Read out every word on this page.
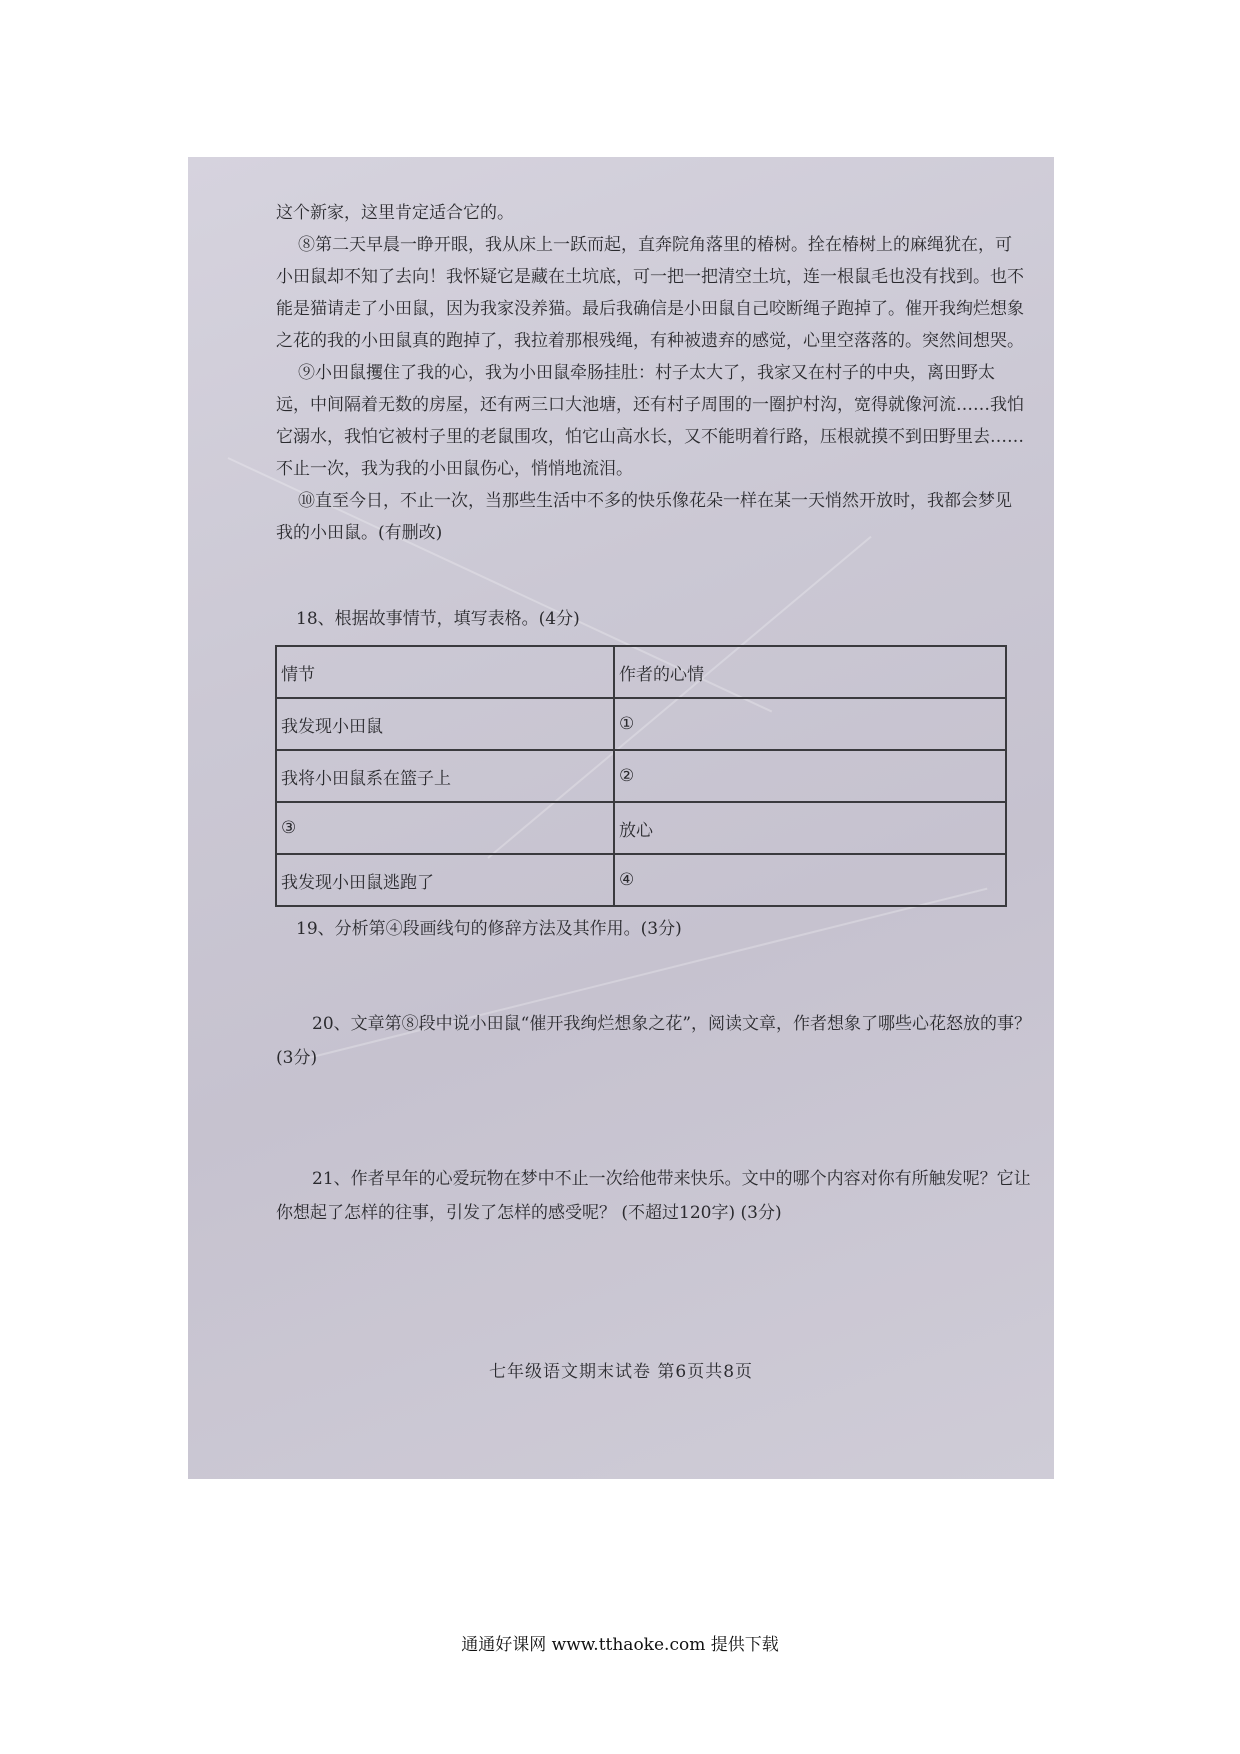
这个新家，这里肯定适合它的。

⑧第二天早晨一睁开眼，我从床上一跃而起，直奔院角落里的椿树。拴在椿树上的麻绳犹在，可小田鼠却不知了去向！我怀疑它是藏在土坑底，可一把一把清空土坑，连一根鼠毛也没有找到。也不能是猫请走了小田鼠，因为我家没养猫。最后我确信是小田鼠自己咬断绳子跑掉了。催开我绚烂想象之花的我的小田鼠真的跑掉了，我拉着那根残绳，有种被遗弃的感觉，心里空落落的。突然间想哭。

⑨小田鼠攫住了我的心，我为小田鼠牵肠挂肚：村子太大了，我家又在村子的中央，离田野太远，中间隔着无数的房屋，还有两三口大池塘，还有村子周围的一圈护村沟，宽得就像河流……我怕它溺水，我怕它被村子里的老鼠围攻，怕它山高水长，又不能明着行路，压根就摸不到田野里去……不止一次，我为我的小田鼠伤心，悄悄地流泪。

⑩直至今日，不止一次，当那些生活中不多的快乐像花朵一样在某一天悄然开放时，我都会梦见我的小田鼠。(有删改)

18、根据故事情节，填写表格。(4分)
情节	作者的心情
我发现小田鼠	①
我将小田鼠系在篮子上	②
③	放心
我发现小田鼠逃跑了	④
19、分析第④段画线句的修辞方法及其作用。(3分)
20、文章第⑧段中说小田鼠“催开我绚烂想象之花”，阅读文章，作者想象了哪些心花怒放的事？ (3分)
21、作者早年的心爱玩物在梦中不止一次给他带来快乐。文中的哪个内容对你有所触发呢？它让你想起了怎样的往事，引发了怎样的感受呢？ (不超过120字) (3分)
七年级语文期末试卷 第6页共8页
通通好课网 www.tthaoke.com 提供下载
